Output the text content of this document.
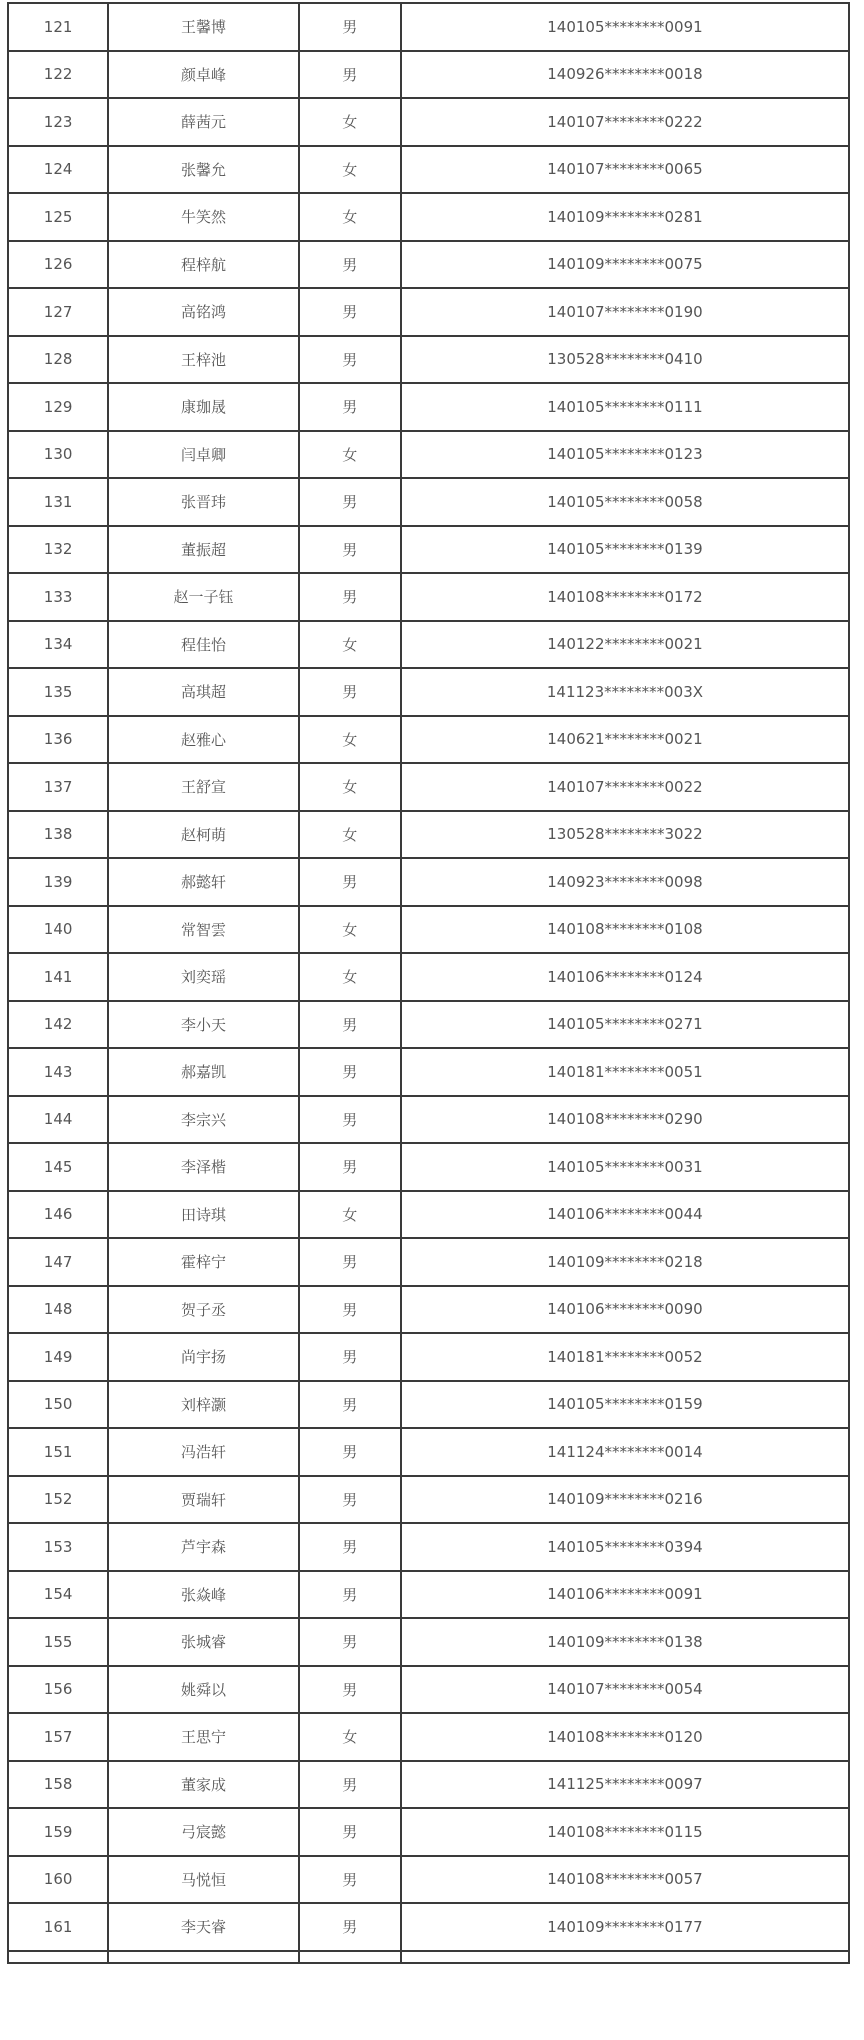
121	王馨博	男	140105********0091
122	颜卓峰	男	140926********0018
123	薛茜元	女	140107********0222
124	张馨允	女	140107********0065
125	牛笑然	女	140109********0281
126	程梓航	男	140109********0075
127	高铭鸿	男	140107********0190
128	王梓池	男	130528********0410
129	康珈晟	男	140105********0111
130	闫卓卿	女	140105********0123
131	张晋玮	男	140105********0058
132	董振超	男	140105********0139
133	赵一子钰	男	140108********0172
134	程佳怡	女	140122********0021
135	高琪超	男	141123********003X
136	赵雅心	女	140621********0021
137	王舒宣	女	140107********0022
138	赵柯萌	女	130528********3022
139	郝懿轩	男	140923********0098
140	常智雲	女	140108********0108
141	刘奕瑶	女	140106********0124
142	李小天	男	140105********0271
143	郝嘉凯	男	140181********0051
144	李宗兴	男	140108********0290
145	李泽楷	男	140105********0031
146	田诗琪	女	140106********0044
147	霍梓宁	男	140109********0218
148	贺子丞	男	140106********0090
149	尚宇扬	男	140181********0052
150	刘梓灏	男	140105********0159
151	冯浩轩	男	141124********0014
152	贾瑞轩	男	140109********0216
153	芦宇森	男	140105********0394
154	张焱峰	男	140106********0091
155	张城睿	男	140109********0138
156	姚舜以	男	140107********0054
157	王思宁	女	140108********0120
158	董家成	男	141125********0097
159	弓宸懿	男	140108********0115
160	马悦恒	男	140108********0057
161	李天睿	男	140109********0177
